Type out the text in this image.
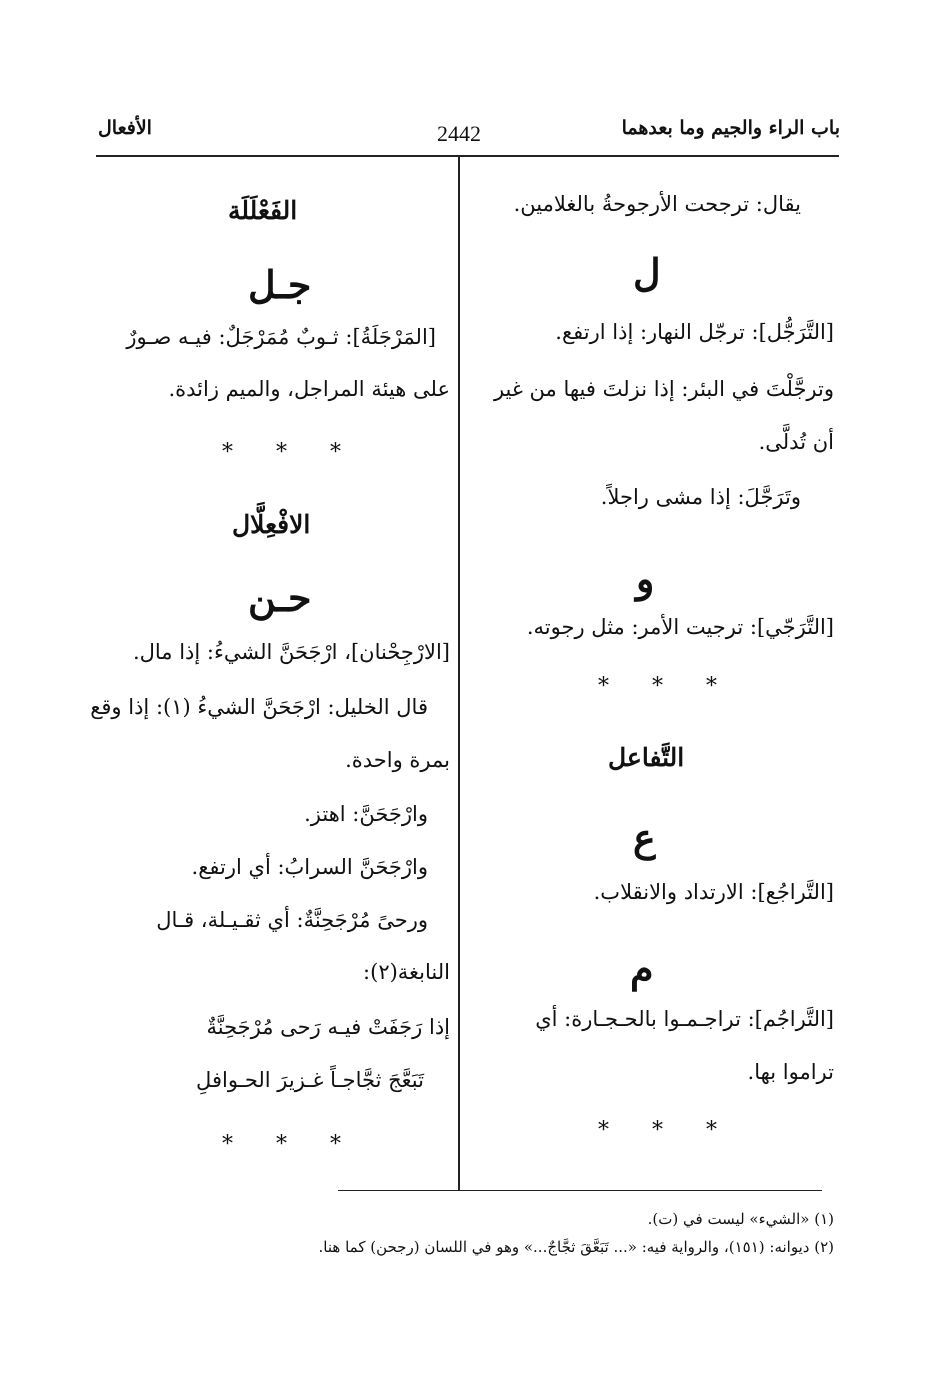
باب الراء والجيم وما بعدهما
2442
الأفعال
يقال: ترجحت الأرجوحةُ بالغلامين.
ل
[التَّرَجُّل]: ترجّل النهار: إذا ارتفع.
وترجَّلْتَ في البئر: إذا نزلتَ فيها من غير
أن تُدلَّى.
وتَرَجَّلَ: إذا مشى راجلاً.
و
[التَّرَجّي]: ترجيت الأمر: مثل رجوته.
* * *
التَّفاعل
ع
[التَّراجُع]: الارتداد والانقلاب.
م
[التَّراجُم]: تراجـمـوا بالحـجـارة: أي
تراموا بها.
* * *
الفَعْلَلَة
جـل
[المَرْجَلَةُ]: ثـوبٌ مُمَرْجَلٌ: فيـه صـورٌ
على هيئة المراجل، والميم زائدة.
* * *
الافْعِلَّال
حـن
[الارْجِحْنان]، ارْجَحَنَّ الشيءُ: إذا مال.
قال الخليل: ارْجَحَنَّ الشيءُ (١): إذا وقع
بمرة واحدة.
وارْجَحَنَّ: اهتز.
وارْجَحَنَّ السرابُ: أي ارتفع.
ورحىً مُرْجَحِنَّةٌ: أي ثقـيـلة، قـال
النابغة(٢):
إذا رَجَفَتْ فيـه رَحى مُرْجَحِنَّةٌ
تَبَعَّجَ ثجَّاجـاً غـزيرَ الحـوافلِ
* * *
(١) «الشيء» ليست في (ت).
(٢) ديوانه: (١٥١)، والرواية فيه: «... تَبَعَّقَ ثجَّاجٌ...» وهو في اللسان (رجحن) كما هنا.
